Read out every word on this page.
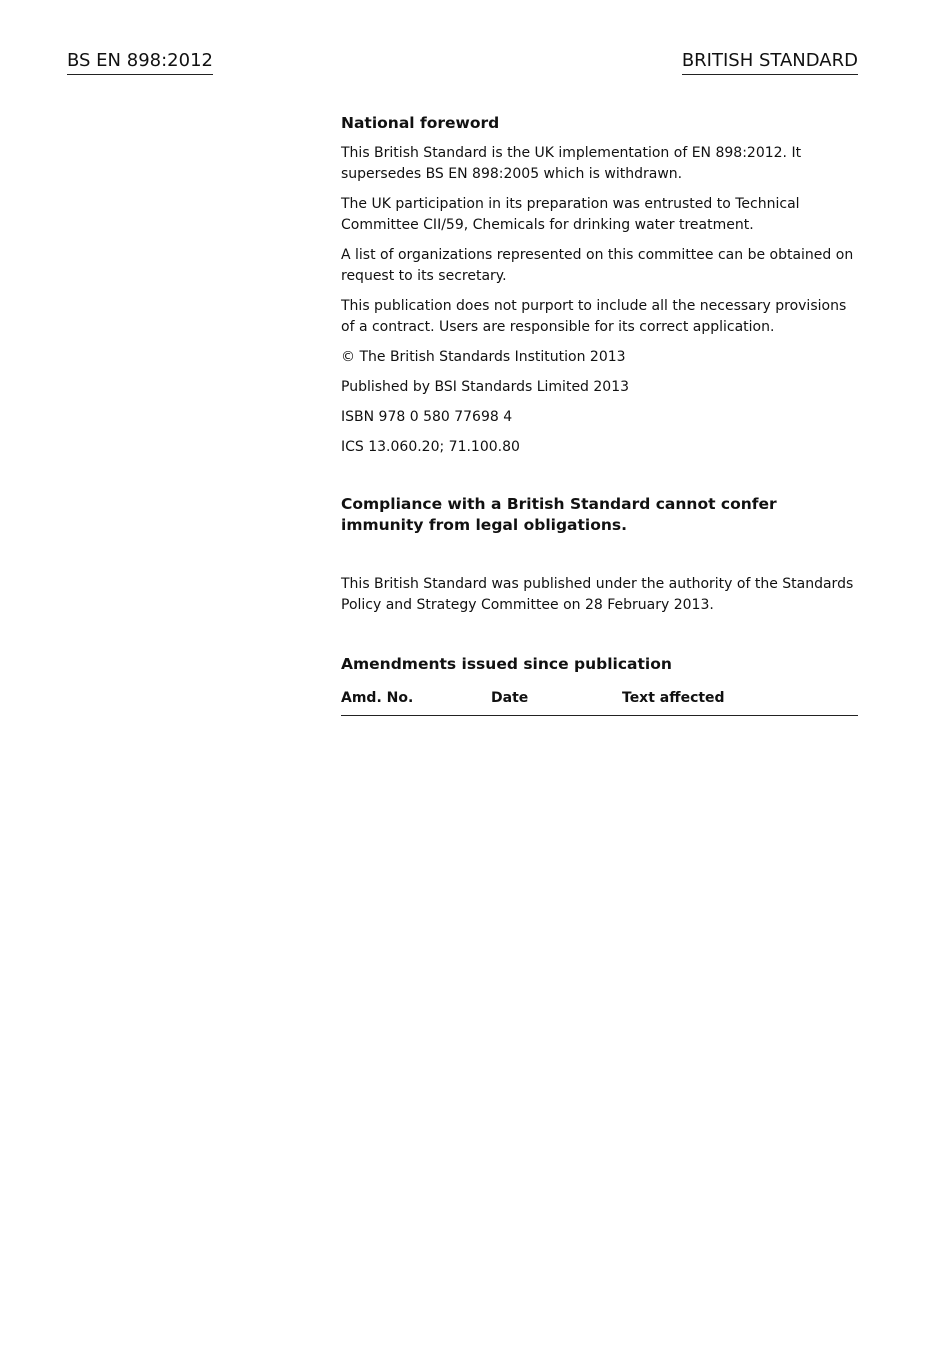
BS EN 898:2012	BRITISH STANDARD

National foreword

This British Standard is the UK implementation of EN 898:2012. It supersedes BS EN 898:2005 which is withdrawn.

The UK participation in its preparation was entrusted to Technical Committee CII/59, Chemicals for drinking water treatment.

A list of organizations represented on this committee can be obtained on request to its secretary.

This publication does not purport to include all the necessary provisions of a contract. Users are responsible for its correct application.

© The British Standards Institution 2013

Published by BSI Standards Limited 2013

ISBN 978 0 580 77698 4

ICS 13.060.20; 71.100.80

Compliance with a British Standard cannot confer immunity from legal obligations.

This British Standard was published under the authority of the Standards Policy and Strategy Committee on 28 February 2013.

Amendments issued since publication

Amd. No.	Date	Text affected
